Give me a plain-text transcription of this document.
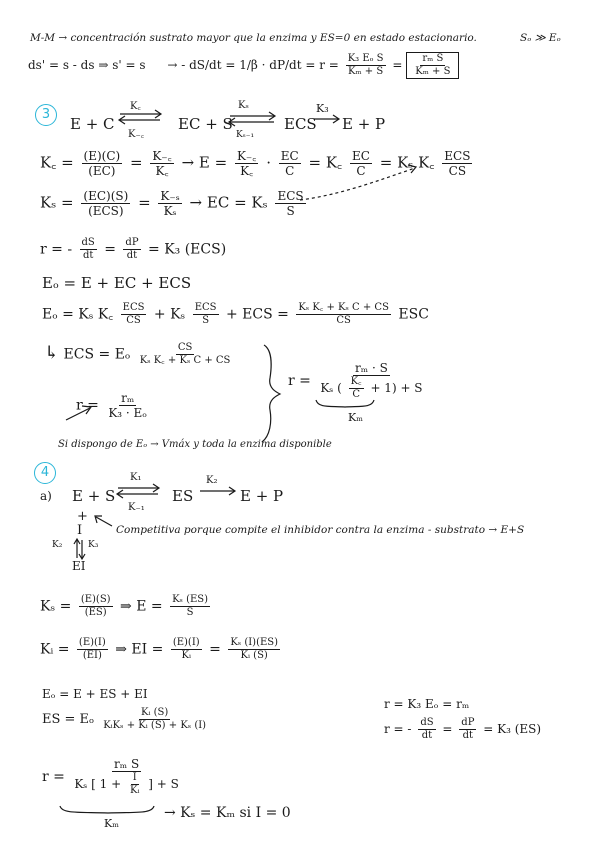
M-M → concentración sustrato mayor que la enzima y ES=0 en estado estacionario.	Sₒ ≫ Eₒ
ds' = s - ds ⇒ s' = s → - $dS/dt = 1/\beta \cdot dP/dt = r = \frac{\text{K₃ Eₒ S}}{\text{Kₘ + S}} = \frac{\text{rₘ S}}{\text{Kₘ + S}}$
3
E + C
K꜀
K₋꜀
EC + S
Kₛ
Kₛ₋₁
ECS
K₃
E + P
K꜀ = $\frac{(E)(C)}{(EC)} = \frac{K_-꜀}{K꜀} \to E = \frac{K_-꜀}{K꜀} \cdot \frac{EC}{C}$ = K꜀ $\frac{EC}{C} = K_s$ K꜀ ECS
CS
Kₛ = (EC)(S)
$(ECS) = \frac{\text{K₋ₛ}}{\text{Kₛ}}$ → EC = Kₛ ECS
S
r = - $\frac{dS}{dt} = \frac{dP}{dt} = K_3$ (ECS)
Eₒ = E + EC + ECS
Eₒ = Kₛ K꜀ ECS
CS + Kₛ ECS
S + ECS = $\frac{\text{Kₛ K꜀ + Kₛ C + CS}}{CS}$ ESC
↳ ECS = Eₒ $\frac{CS}{\text{Kₛ K꜀ + Kₛ C + CS}}$
$r = \frac{\text{rₘ}}{\text{K₃ · Eₒ}}$
$r = \frac{\text{rₘ · S}}{K_s ( \frac{K꜀}{C} + 1) + S}$
Kₘ
Si dispongo de Eₒ → Vmáx y toda la enzima disponible
4
a) E + S
K₁
K₋₁
ES
K₂
E + P
+
I
K₂	K₃
EI
Competitiva porque compite el inhibidor contra la enzima - substrato → E+S
$K_s = \frac{(E)(S)}{(ES)}$ ⇒ $E = \frac{\text{Kₛ (ES)}}{S}$
Kᵢ = $\frac{(E)(I)}{(EI)}$ ⇒ EI = $\frac{(E)(I)}{\text{Kᵢ}} = \frac{\text{Kₛ (I)(ES)}}{\text{Kᵢ (S)}}$
Eₒ = E + ES + EI
ES = Eₒ	Kᵢ (S)
KᵢKₛ + Kᵢ (S) + Kₛ (I)
r = K₃ Eₒ = rₘ
r = - $\frac{dS}{dt} = \frac{dP}{dt} = K_3$ (ES)
r =
rₘ S
Kₛ [ $1 + \frac{I}{\text{Kᵢ}}$ ] + S
Kₘ
→ Kₛ = Kₘ si I = 0
